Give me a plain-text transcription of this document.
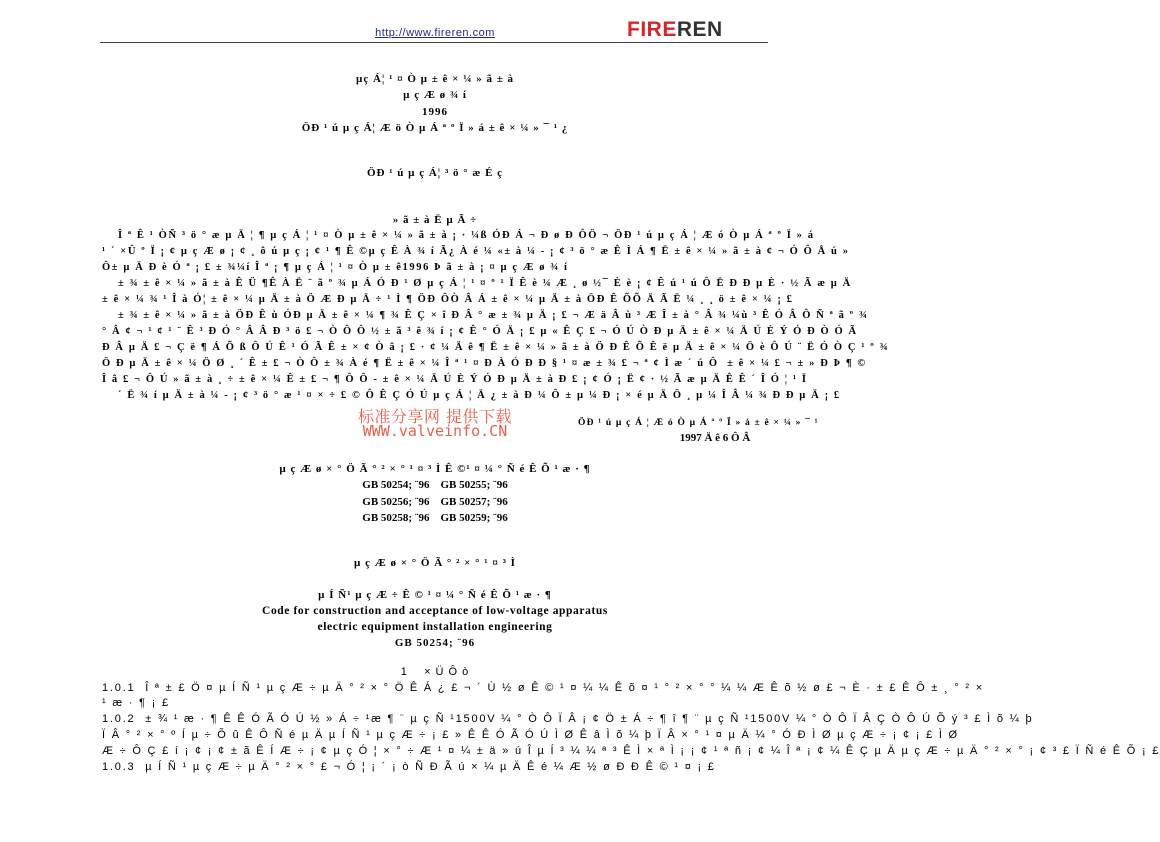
http://www.fireren.com	FIREREN
µç Á¦ ¹ ¤ Ò µ ± ê × ¼ » ã ± à
µ ç Æ ø ¾ í
1996
ÖÐ ¹ ú µ ç Á¦ Æ ö Ò µ Á ª º Ï » á ± ê × ¼ » ¯ ¹ ¿
ÖÐ ¹ ú µ ç Á¦ ³ ö ° æ É ç
» ã ± à Ë µ Ã ÷
Î ª Ê ¹ ÒÑ ³ ö ° æ µ Ä ¦ ¶ µ ç Á ¦ ¹ ¤ Ò µ ± ê × ¼ » ã ± à ¡ · ¼ß ÓÐ Á ¬ Ð ø Ð ÔÖ ¬ ÖÐ ¹ ú µ ç Á ¦ Æ ó Ò µ Á ª º Ï » á
¹ ´ ×Û º Ï ¡ ¢ µ ç Æ ø ¡ ¢ ¸ ô ú µ ç ¡ ¢ ¹ ¶ Ê ©µ ç Ê À ¾ í Ã¿ À é ¼ «± à ¼ - ¡ ¢ ³ ö ° æ Ê Ì Á ¶ Ë ± ê × ¼ » ã ± à ¢ ¬ Ó Ô Å ú »
Ô± µ Ä Ð è Ó ª ¡ £ ± ¾¼í Î ª ¡ ¶ µ ç Á ¦ ¹ ¤ Ò µ ± ê1996 Þ ã ± à ¡ ¤ µ ç Æ ø ¾ í
± ¾ ± ê × ¼ » ã ± à Ê Ü ¶Ê À Ë ¨ ã º ¾ µ Á Ó Ð ¹ Ø µ ç Á ¦ ¹ ¤ º ¹ Ï Ê è ¼ Æ ¸ ø ½¯ È è ¡ ¢ Ê ú ¹ ú Ô Ë Ð Ð µ È · ½ Ã æ µ Ä
± ê × ¼ ¾ ¹ Î à Ó¦ ± ê × ¼ µ Ä ± à Ö Æ Ð µ Ä ÷ ¹ Ì ¶ ÖÐ ÔÒ Â Á ± ê × ¼ µ Ä ± à ÖÐ Ê ÕÕ Ä Ã Ë ¼ ¸ ¸ ö ± ê × ¼ ¡ £
± ¾ ± ê × ¼ » ã ± à ÖÐ Ê ù ÓÐ µ Ä ± ê × ¼ ¶ ¾ Ê Ç × î Ð Â ° æ ± ¾ µ Ä ¡ £ ¬ Æ ä Â ù ³ Æ Î ± à ° Â ¾ ¼ù ³ Ê Ó Â Ô Ñ ª ã º ¾
° Â ¢ ¬ ¹ ¢ ¹ ¨ Ê ³ Ð Ó ° Â Â Ð ³ ö £ ¬ Ò Ô Ô ½ ± ã ³ ê ¾ í ¡ ¢ Ê ° Ó Ä ¡ £ µ « Ê Ç £ ¬ Ó Ú Ò Ð µ Ä ± ê × ¼ Ä Ú È Ý Ó Ð Ò Ó Ã
Ð Â µ Ä £ ¬ Ç ë ¶ Á Õ ß Ô Ú Ê ¹ Ó Ã Ê ± × ¢ Ò â ¡ £ · ¢ ¼ Ä ê ¶ Ë ± ê × ¼ » ã ± à Ö Ð Ê Õ Ê ë µ Ä ± ê × ¼ Ö è Ô Ú ¨ Ë Ó Ò Ç ¹ º ¾
Ö Ð µ Ä ± ê × ¼ Ö Ø ¸ ´ Ê ± £ ¬ Ò Ô ± ¾ À é ¶ Ë ± ê × ¼ Î ª ¹ ¤ Ð À Ó Ð Ð § ¹ ¤ æ ± ¾ £ ¬ ª ¢ Ì æ ´ ú Ô ± ê × ¼ £ ¬ ± » Ð Þ ¶ ©
Î â £ ¬ Ô Ú » ã ± à ¸ ÷ ± ê × ¼ Ê ± £ ¬ ¶ Ô Ô - ± ê × ¼ Ä Ú È Ý Ó Ð µ Ä ± à Ð £ ¡ ¢ Ó ¡ Ë ¢ · ½ Ã æ µ Ä Ê Ê ´ Î Ó ¦ ¹ Ï
´ Ë ¾ í µ Ä ± à ¼ - ¡ ¢ ³ ö ° æ ¹ ¤ × ÷ £ © Ô Ê Ç Ó Ú µ ç Á ¦ Ä ¿ ± à Ð ¼ Ô ± µ ¼ Ð ¡ × é µ Ä Ö ¸ µ ¼ Î Â ¼ ¾ Ð Ð µ Ä ¡ £
标准分享网 提供下载
WWW.valveinfo.CN	ÖÐ ¹ ú µ ç Á ¦ Æ ó Ò µ Á ª º Ï » á ± ê × ¼ » ¯ ¹
1997 Ä ê 6 Ô Â
µ ç Æ ø × ° Ö Ã ° ² × ° ¹ ¤ ³ Ì Ê ©¹ ¤ ¼ ° Ñ é Ê Õ ¹ æ · ¶
GB 50254; ¨96 GB 50255; ¨96
GB 50256; ¨96 GB 50257; ¨96
GB 50258; ¨96 GB 50259; ¨96
µ ç Æ ø × ° Ö Ã ° ² × ° ¹ ¤ ³ Ì
µ Í Ñ¹ µ ç Æ ÷ Ê © ¹ ¤ ¼ ° Ñ é Ê Õ ¹ æ · ¶
Code for construction and acceptance of low-voltage apparatus
electric equipment installation engineering
GB 50254; ¨96
1 × Ü Ô ò
1.0.1 Î ª ± £ Ö ¤ µ Í Ñ ¹ µ ç Æ ÷ µ Ä ° ² × ° Ö Ê Á ¿ £ ¬ ´ Ù ½ ø Ê © ¹ ¤ ¼ ¼ Ê õ ¤ ¹ ° ² × ° ° ¼ ¼ Æ Ê õ ½ ø £ ¬ È · ± £ Ê Ô ± ¸ ° ² ×
¹ æ · ¶ ¡ £
1.0.2 ± ¾ ¹ æ · ¶ Ê Ê Ó Ã Ó Ú ½ » Á ÷ ¹æ ¶ ¨ µ ç Ñ ¹1500V ¼ ° Ò Ô Ï Â ¡ ¢ Ö ± Á ÷ ¶ î ¶ ¨ µ ç Ñ ¹1500V ¼ ° Ò Ô Ï Â Ç Ò Ô Ú Õ ý ³ £ Ì õ ¼ þ
Ï Â ° ² × ° º Í µ ÷ Õ û Ê Ô Ñ é µ Ä µ Í Ñ ¹ µ ç Æ ÷ ¡ £ » Ê Ê Ó Ã Ó Ú Ì Ø Ê â Ì õ ¼ þ Ï Â × ° ¹ ¤ µ Ä ¼ ° Ó Ð Ì Ø µ ç Æ ÷ ¡ ¢ ¡ £ Ì Ø
Æ ÷ Ô Ç £ í ¡ ¢ ¡ ¢ ± ã Ê Í Æ ÷ ¡ ¢ µ ç Ó ¦ × ° ÷ Æ ¹ ¤ ¼ ± ä » ú Î µ Í ³ ¼ ¼ ª ³ Ê Ì × ª Ì ¡ ¡ ¢ ¹ ª ñ ¡ ¢ ¼ Î ª ¡ ¢ ¼ Ê Ç µ Ä µ ç Æ ÷ µ Ä ° ² × ° ¡ ¢ ³ £ Ï Ñ é Ê Õ ¡ £
1.0.3 µ Í Ñ ¹ µ ç Æ ÷ µ Ä ° ² × ° £ ¬ Ó ¦ ¡ ´ ¡ ò Ñ Ð Ã ú × ¼ µ Ä Ê é ¼ Æ ½ ø Ð Ð Ê © ¹ ¤ ¡ £
